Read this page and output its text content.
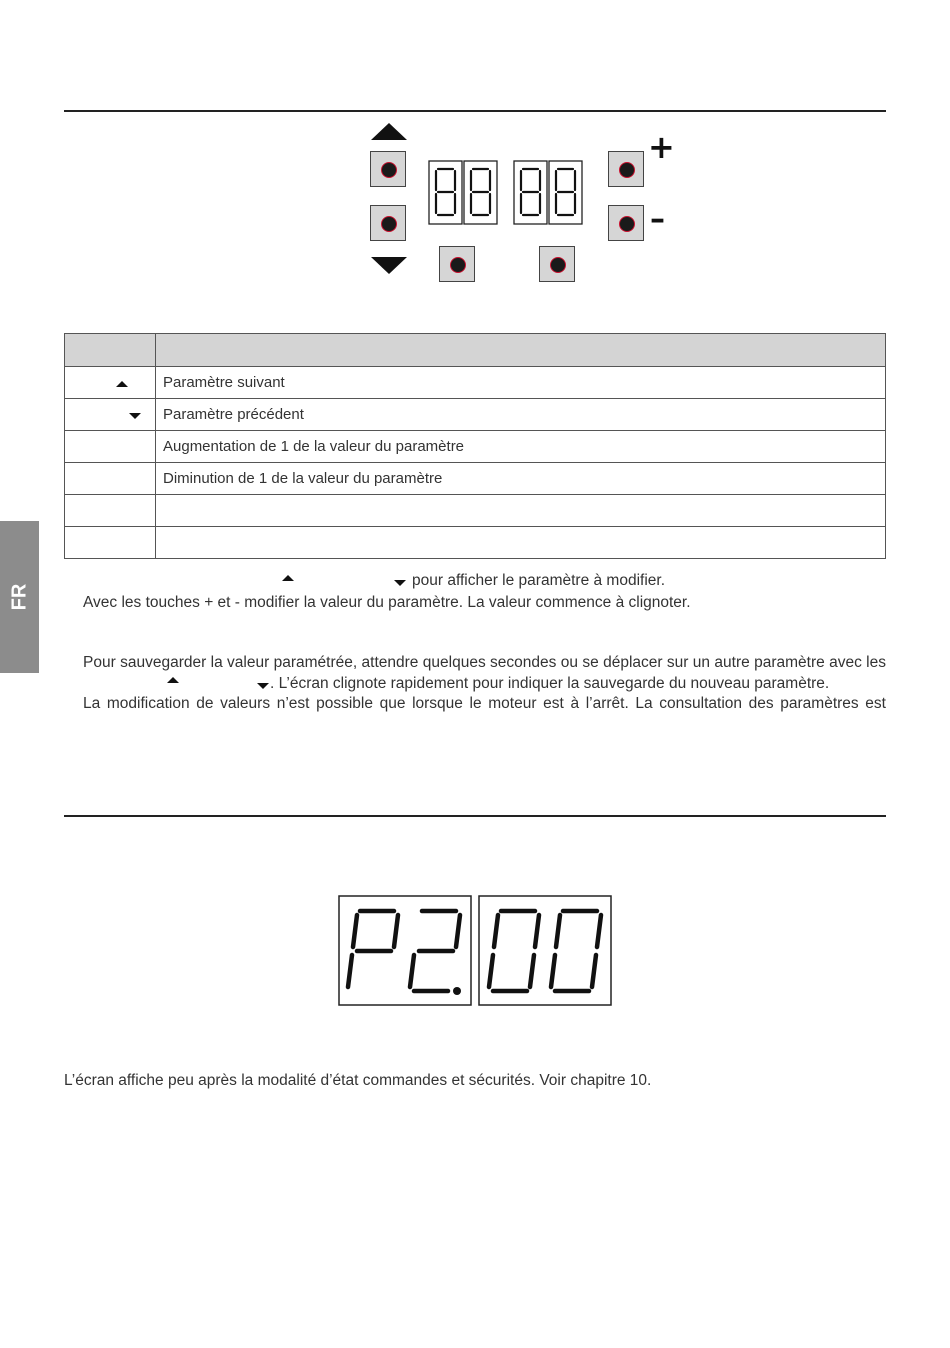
+
–

	Paramètre suivant
	Paramètre précédent
	Augmentation de 1 de la valeur du paramètre
	Diminution de 1 de la valeur du paramètre

FR
pour afficher le paramètre à modifier.
Avec les touches + et - modifier la valeur du paramètre. La valeur commence à clignoter.
Pour sauvegarder la valeur paramétrée, attendre quelques secondes ou se déplacer sur un autre paramètre avec les
. L’écran clignote rapidement pour indiquer la sauvegarde du nouveau paramètre.
La modification de valeurs n’est possible que lorsque le moteur est à l’arrêt. La consultation des paramètres est
L’écran affiche peu après la modalité d’état commandes et sécurités. Voir chapitre 10.
